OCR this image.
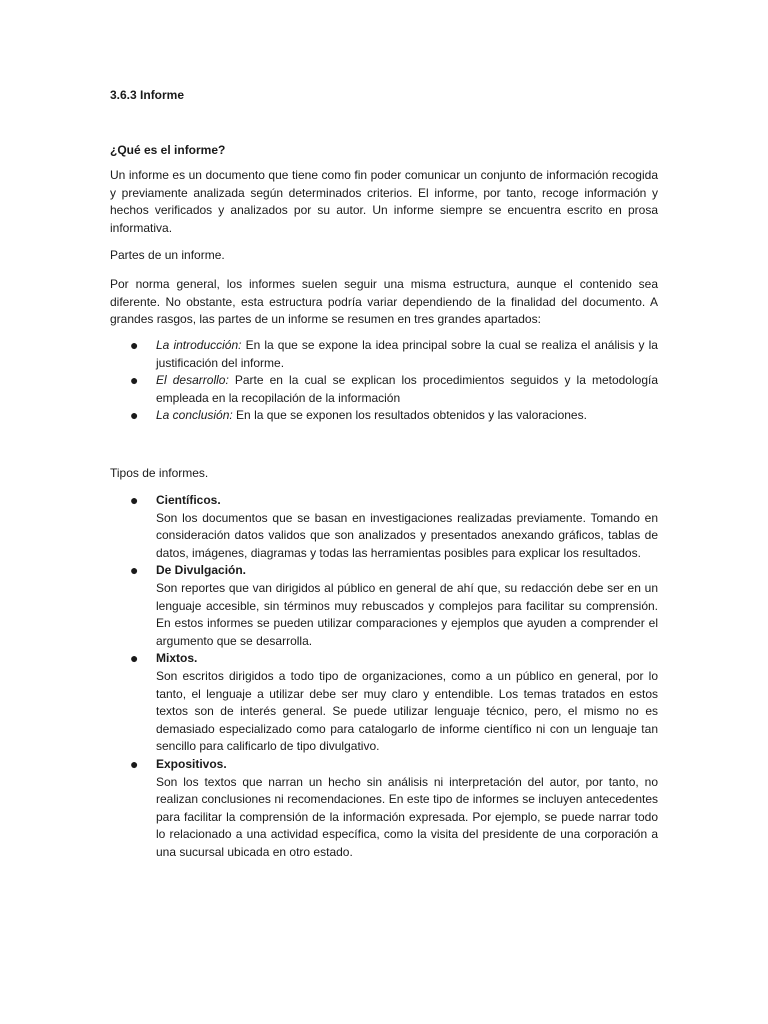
3.6.3 Informe

¿Qué es el informe?

Un informe es un documento que tiene como fin poder comunicar un conjunto de información recogida y previamente analizada según determinados criterios. El informe, por tanto, recoge información y hechos verificados y analizados por su autor. Un informe siempre se encuentra escrito en prosa informativa.

Partes de un informe.

Por norma general, los informes suelen seguir una misma estructura, aunque el contenido sea diferente. No obstante, esta estructura podría variar dependiendo de la finalidad del documento. A grandes rasgos, las partes de un informe se resumen en tres grandes apartados:

● La introducción: En la que se expone la idea principal sobre la cual se realiza el análisis y la justificación del informe.
● El desarrollo: Parte en la cual se explican los procedimientos seguidos y la metodología empleada en la recopilación de la información
● La conclusión: En la que se exponen los resultados obtenidos y las valoraciones.

Tipos de informes.

● Científicos.
Son los documentos que se basan en investigaciones realizadas previamente. Tomando en consideración datos validos que son analizados y presentados anexando gráficos, tablas de datos, imágenes, diagramas y todas las herramientas posibles para explicar los resultados.
● De Divulgación.
Son reportes que van dirigidos al público en general de ahí que, su redacción debe ser en un lenguaje accesible, sin términos muy rebuscados y complejos para facilitar su comprensión. En estos informes se pueden utilizar comparaciones y ejemplos que ayuden a comprender el argumento que se desarrolla.
● Mixtos.
Son escritos dirigidos a todo tipo de organizaciones, como a un público en general, por lo tanto, el lenguaje a utilizar debe ser muy claro y entendible. Los temas tratados en estos textos son de interés general. Se puede utilizar lenguaje técnico, pero, el mismo no es demasiado especializado como para catalogarlo de informe científico ni con un lenguaje tan sencillo para calificarlo de tipo divulgativo.
● Expositivos.
Son los textos que narran un hecho sin análisis ni interpretación del autor, por tanto, no realizan conclusiones ni recomendaciones. En este tipo de informes se incluyen antecedentes para facilitar la comprensión de la información expresada. Por ejemplo, se puede narrar todo lo relacionado a una actividad específica, como la visita del presidente de una corporación a una sucursal ubicada en otro estado.
